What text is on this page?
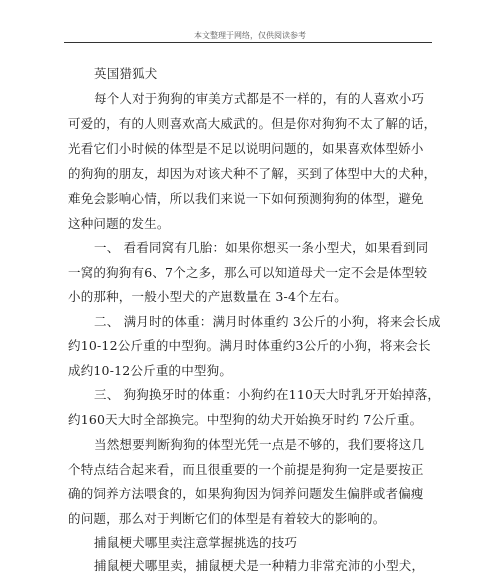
本文整理于网络，仅供阅读参考
英国猎狐犬
每个人对于狗狗的审美方式都是不一样的，有的人喜欢小巧
可爱的，有的人则喜欢高大威武的。但是你对狗狗不太了解的话，
光看它们小时候的体型是不足以说明问题的，如果喜欢体型娇小
的狗狗的朋友，却因为对该犬种不了解，买到了体型中大的犬种，
难免会影响心情，所以我们来说一下如何预测狗狗的体型，避免
这种问题的发生。
一、 看看同窝有几胎：如果你想买一条小型犬，如果看到同
一窝的狗狗有6、7个之多，那么可以知道母犬一定不会是体型较
小的那种，一般小型犬的产崽数量在 3-4个左右。
二、 满月时的体重：满月时体重约 3公斤的小狗，将来会长成
约10-12公斤重的中型狗。满月时体重约3公斤的小狗，将来会长
成约10-12公斤重的中型狗。
三、 狗狗换牙时的体重：小狗约在110天大时乳牙开始掉落，
约160天大时全部换完。中型狗的幼犬开始换牙时约 7公斤重。
当然想要判断狗狗的体型光凭一点是不够的，我们要将这几
个特点结合起来看，而且很重要的一个前提是狗狗一定是要按正
确的饲养方法喂食的，如果狗狗因为饲养问题发生偏胖或者偏瘦
的问题，那么对于判断它们的体型是有着较大的影响的。
捕鼠梗犬哪里卖注意掌握挑选的技巧
捕鼠梗犬哪里卖，捕鼠梗犬是一种精力非常充沛的小型犬，
